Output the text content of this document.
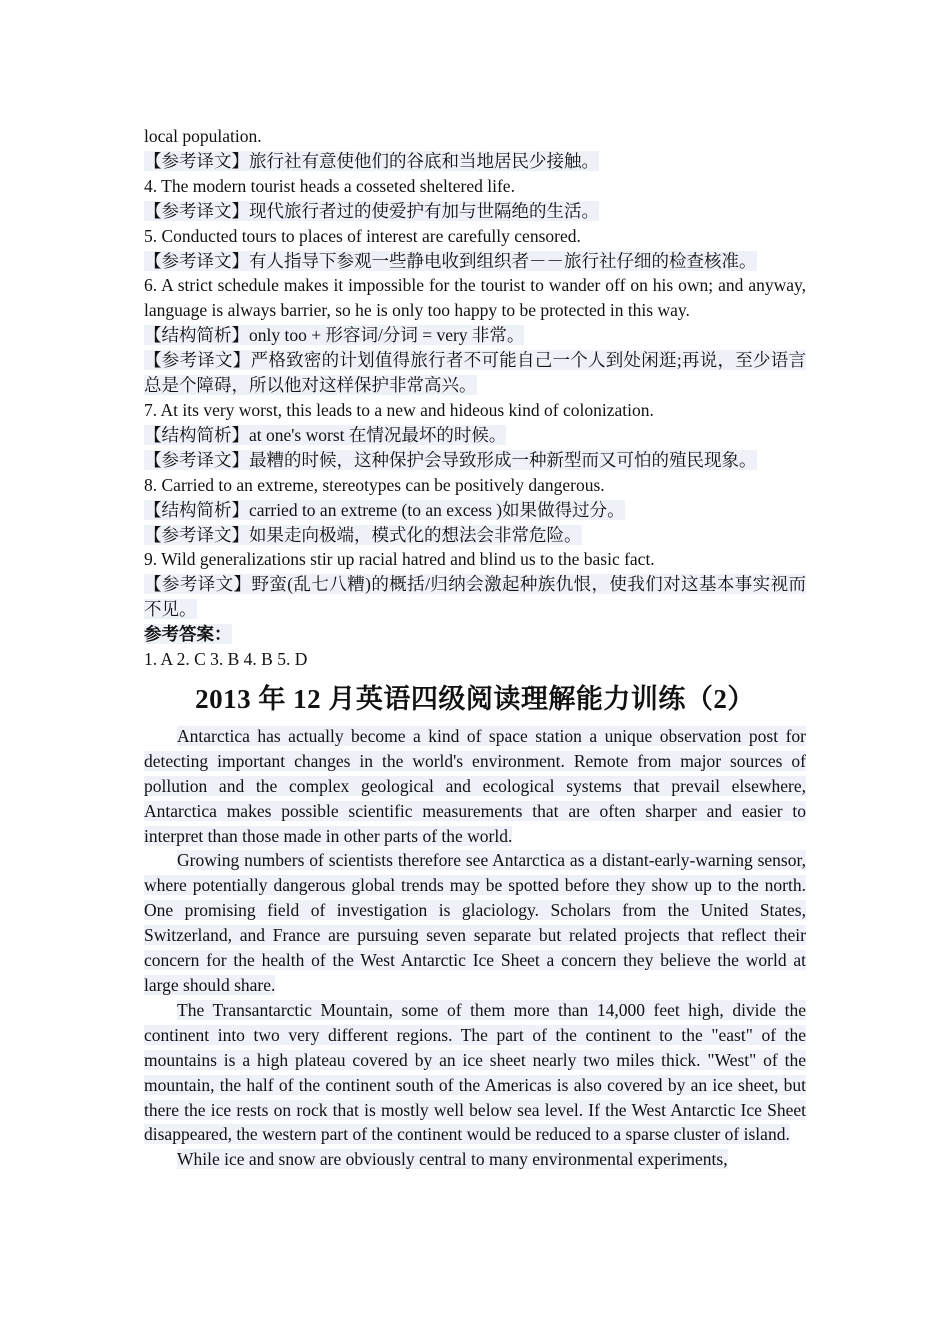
local population.

【参考译文】旅行社有意使他们的谷底和当地居民少接触。

4. The modern tourist heads a cosseted sheltered life.

【参考译文】现代旅行者过的使爱护有加与世隔绝的生活。

5. Conducted tours to places of interest are carefully censored.

【参考译文】有人指导下参观一些静电收到组织者－－旅行社仔细的检查核准。

6. A strict schedule makes it impossible for the tourist to wander off on his own; and anyway, language is always barrier, so he is only too happy to be protected in this way.

【结构简析】only too + 形容词/分词 = very 非常。

【参考译文】严格致密的计划值得旅行者不可能自己一个人到处闲逛;再说，至少语言总是个障碍，所以他对这样保护非常高兴。

7. At its very worst, this leads to a new and hideous kind of colonization.

【结构简析】at one's worst 在情况最坏的时候。

【参考译文】最糟的时候，这种保护会导致形成一种新型而又可怕的殖民现象。

8. Carried to an extreme, stereotypes can be positively dangerous.

【结构简析】carried to an extreme (to an excess )如果做得过分。

【参考译文】如果走向极端，模式化的想法会非常危险。

9. Wild generalizations stir up racial hatred and blind us to the basic fact.

【参考译文】野蛮(乱七八糟)的概括/归纳会激起种族仇恨，使我们对这基本事实视而不见。

参考答案：

1. A 2. C 3. B 4. B 5. D

2013 年 12 月英语四级阅读理解能力训练（2）

Antarctica has actually become a kind of space station a unique observation post for detecting important changes in the world's environment. Remote from major sources of pollution and the complex geological and ecological systems that prevail elsewhere, Antarctica makes possible scientific measurements that are often sharper and easier to interpret than those made in other parts of the world.

Growing numbers of scientists therefore see Antarctica as a distant-early-warning sensor, where potentially dangerous global trends may be spotted before they show up to the north. One promising field of investigation is glaciology. Scholars from the United States, Switzerland, and France are pursuing seven separate but related projects that reflect their concern for the health of the West Antarctic Ice Sheet a concern they believe the world at large should share.

The Transantarctic Mountain, some of them more than 14,000 feet high, divide the continent into two very different regions. The part of the continent to the "east" of the mountains is a high plateau covered by an ice sheet nearly two miles thick. "West" of the mountain, the half of the continent south of the Americas is also covered by an ice sheet, but there the ice rests on rock that is mostly well below sea level. If the West Antarctic Ice Sheet disappeared, the western part of the continent would be reduced to a sparse cluster of island.

While ice and snow are obviously central to many environmental experiments,
